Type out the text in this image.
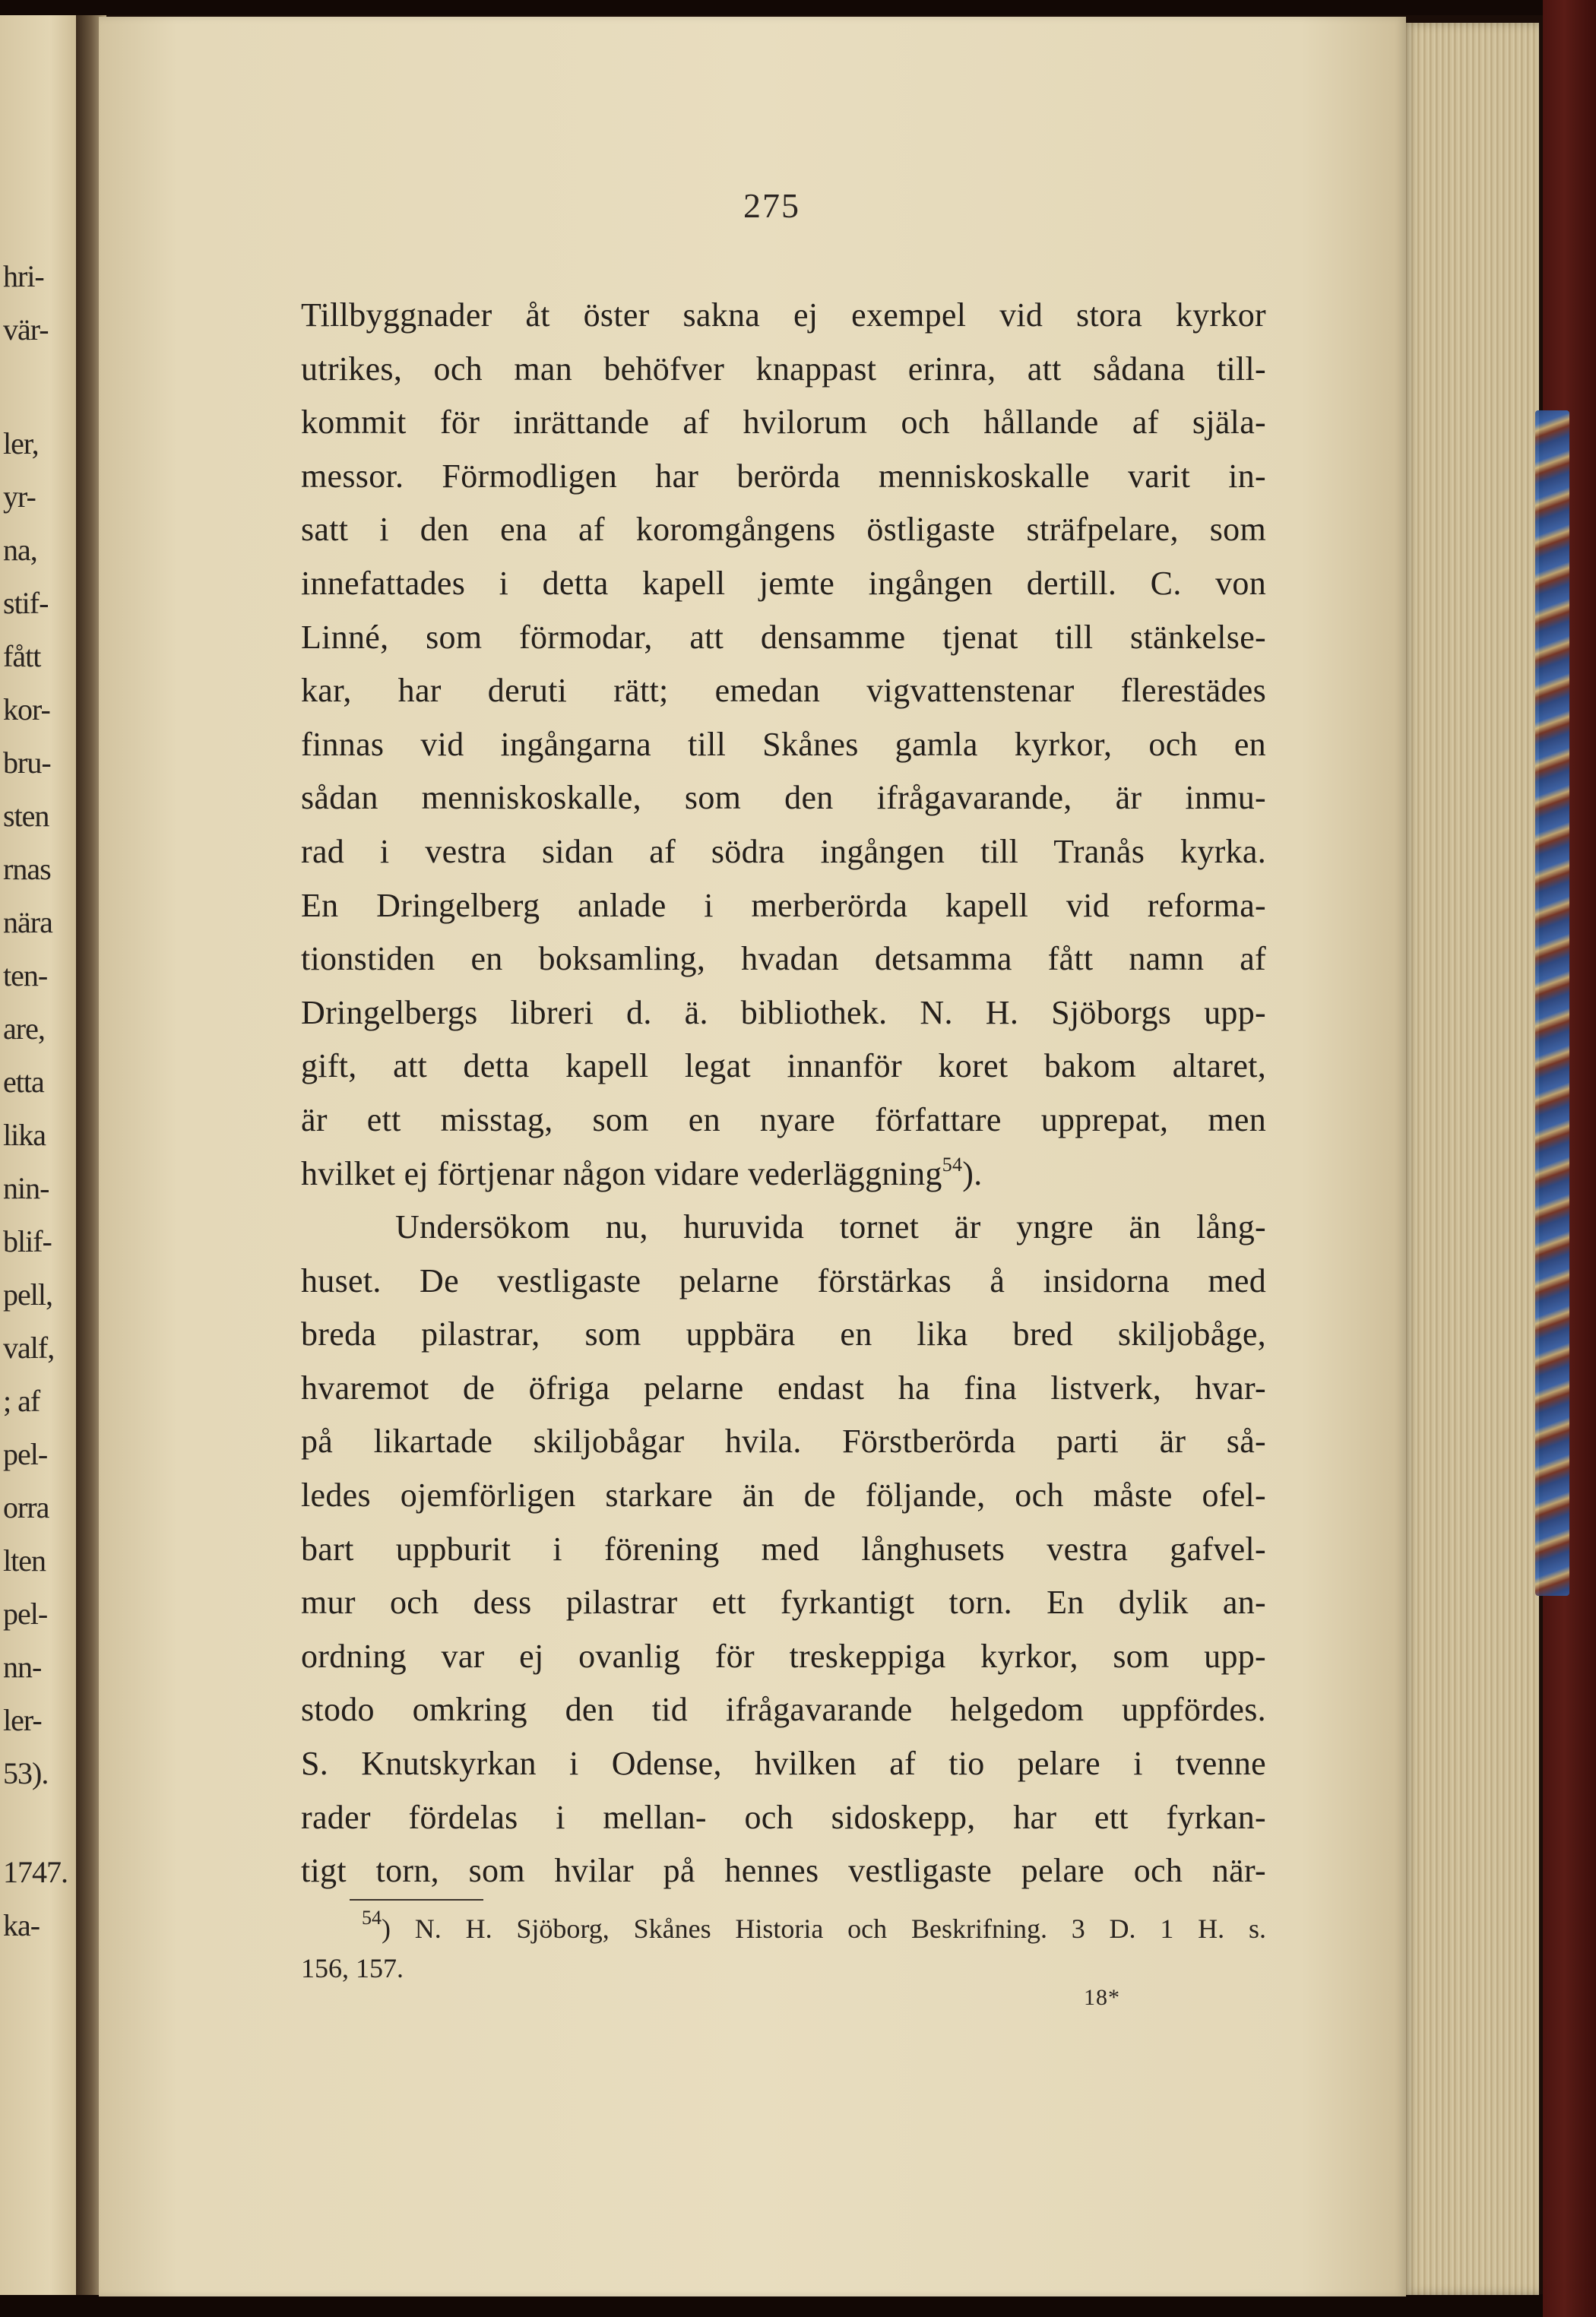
hri-
vär-
ler,
yr-
na,
stif-
fått
kor-
bru-
sten
rnas
nära
ten-
are,
etta
lika
nin-
blif-
pell,
valf,
; af
pel-
orra
lten
pel-
nn-
ler-
53).
1747.
ka-
275
Tillbyggnader åt öster sakna ej exempel vid stora kyrkor
utrikes, och man behöfver knappast erinra, att sådana till-
kommit för inrättande af hvilorum och hållande af själa-
messor. Förmodligen har berörda menniskoskalle varit in-
satt i den ena af koromgångens östligaste sträfpelare, som
innefattades i detta kapell jemte ingången dertill. C. von
Linné, som förmodar, att densamme tjenat till stänkelse-
kar, har deruti rätt; emedan vigvattenstenar flerestädes
finnas vid ingångarna till Skånes gamla kyrkor, och en
sådan menniskoskalle, som den ifrågavarande, är inmu-
rad i vestra sidan af södra ingången till Tranås kyrka.
En Dringelberg anlade i merberörda kapell vid reforma-
tionstiden en boksamling, hvadan detsamma fått namn af
Dringelbergs libreri d. ä. bibliothek. N. H. Sjöborgs upp-
gift, att detta kapell legat innanför koret bakom altaret,
är ett misstag, som en nyare författare upprepat, men
hvilket ej förtjenar någon vidare vederläggning$^{54}$).
Undersökom nu, huruvida tornet är yngre än lång-
huset. De vestligaste pelarne förstärkas å insidorna med
breda pilastrar, som uppbära en lika bred skiljobåge,
hvaremot de öfriga pelarne endast ha fina listverk, hvar-
på likartade skiljobågar hvila. Förstberörda parti är så-
ledes ojemförligen starkare än de följande, och måste ofel-
bart uppburit i förening med långhusets vestra gafvel-
mur och dess pilastrar ett fyrkantigt torn. En dylik an-
ordning var ej ovanlig för treskeppiga kyrkor, som upp-
stodo omkring den tid ifrågavarande helgedom uppfördes.
S. Knutskyrkan i Odense, hvilken af tio pelare i tvenne
rader fördelas i mellan- och sidoskepp, har ett fyrkan-
tigt torn, som hvilar på hennes vestligaste pelare och när-
$^{54}$) N. H. Sjöborg, Skånes Historia och Beskrifning. 3 D. 1 H. s.
156, 157.
18*
